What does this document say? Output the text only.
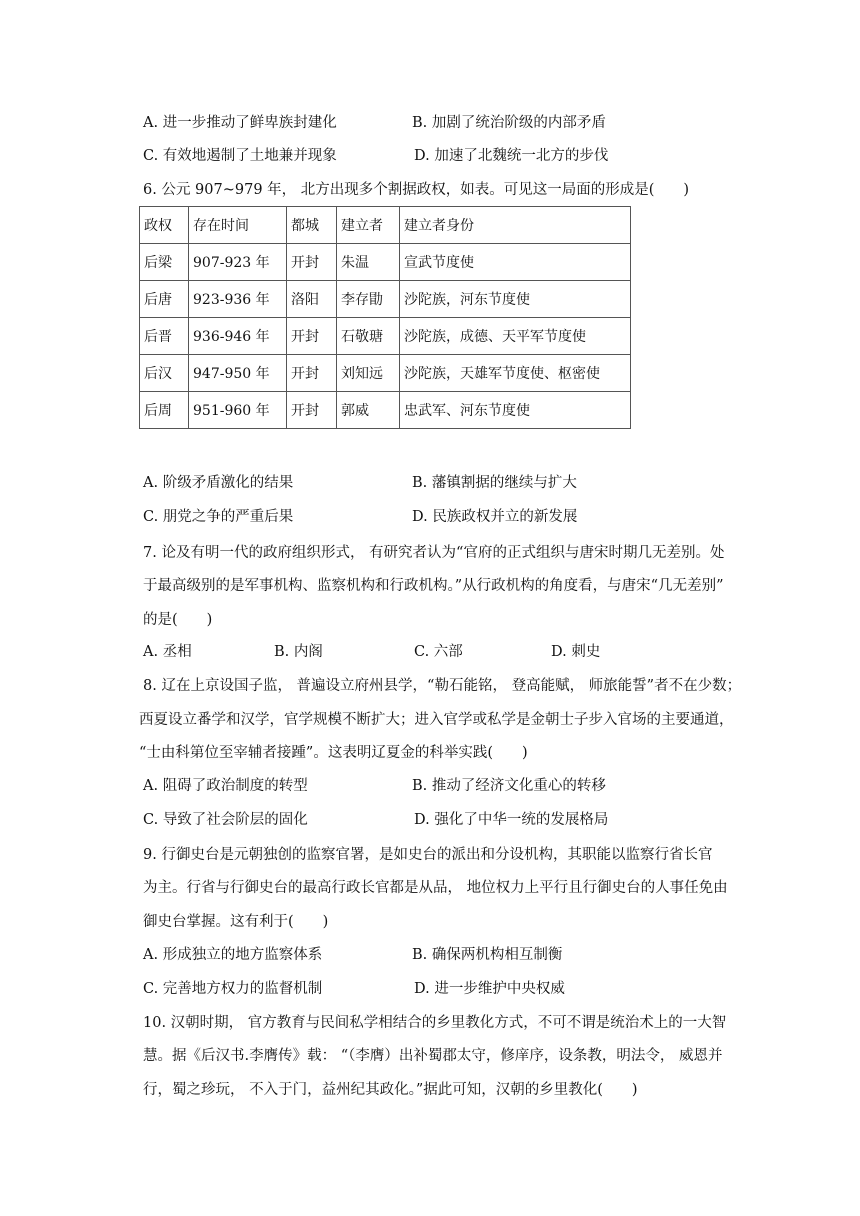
A. 进一步推动了鲜卑族封建化	B. 加剧了统治阶级的内部矛盾
C. 有效地遏制了土地兼并现象	D. 加速了北魏统一北方的步伐
6. 公元 907~979 年， 北方出现多个割据政权，如表。可见这一局面的形成是(　　)
政权	存在时间	都城	建立者	建立者身份
后梁	907-923 年	开封	朱温	宣武节度使
后唐	923-936 年	洛阳	李存勖	沙陀族，河东节度使
后晋	936-946 年	开封	石敬瑭	沙陀族，成德、天平军节度使
后汉	947-950 年	开封	刘知远	沙陀族，天雄军节度使、枢密使
后周	951-960 年	开封	郭威	忠武军、河东节度使
A. 阶级矛盾激化的结果	B. 藩镇割据的继续与扩大
C. 朋党之争的严重后果	D. 民族政权并立的新发展
7. 论及有明一代的政府组织形式， 有研究者认为“官府的正式组织与唐宋时期几无差别。处
于最高级别的是军事机构、监察机构和行政机构。”从行政机构的角度看，与唐宋“几无差别”
的是(　　)
A. 丞相	B. 内阁	C. 六部	D. 刺史
8. 辽在上京设国子监， 普遍设立府州县学，“勒石能铭， 登高能赋， 师旅能誓”者不在少数；
西夏设立番学和汉学，官学规模不断扩大；进入官学或私学是金朝士子步入官场的主要通道，
“士由科第位至宰辅者接踵”。这表明辽夏金的科举实践(　　)
A. 阻碍了政治制度的转型	B. 推动了经济文化重心的转移
C. 导致了社会阶层的固化	D. 强化了中华一统的发展格局
9. 行御史台是元朝独创的监察官署，是如史台的派出和分设机构，其职能以监察行省长官
为主。行省与行御史台的最高行政长官都是从品， 地位权力上平行且行御史台的人事任免由
御史台掌握。这有利于(　　)
A. 形成独立的地方监察体系	B. 确保两机构相互制衡
C. 完善地方权力的监督机制	D. 进一步维护中央权威
10. 汉朝时期， 官方教育与民间私学相结合的乡里教化方式，不可不谓是统治术上的一大智
慧。据《后汉书.李膺传》载： “（李膺）出补蜀郡太守，修庠序，设条教，明法令， 威恩并
行，蜀之珍玩， 不入于门，益州纪其政化。”据此可知，汉朝的乡里教化(　　)
